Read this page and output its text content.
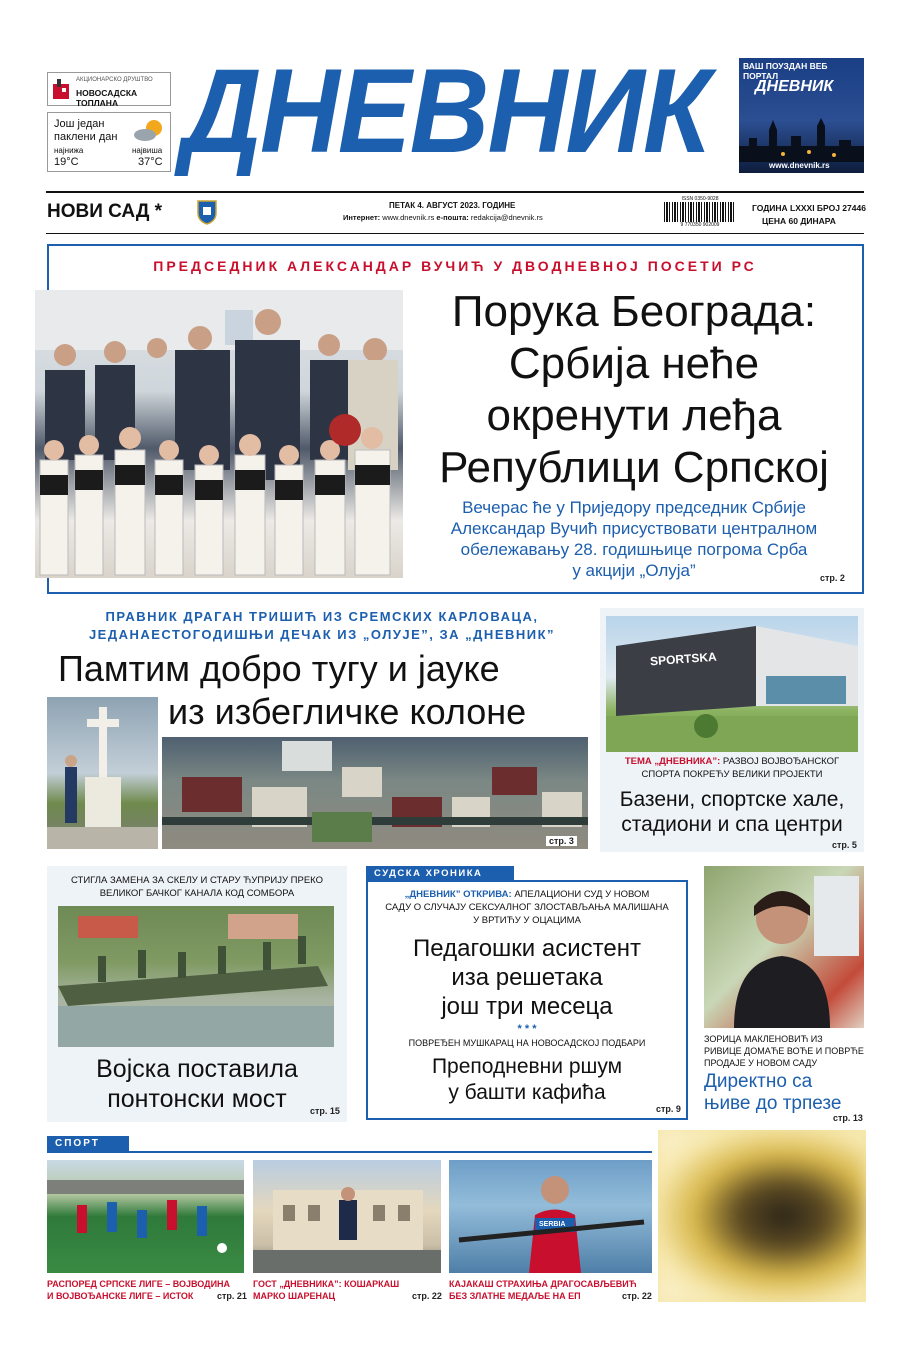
АКЦИОНАРСКО ДРУШТВО
НОВОСАДСКА ТОПЛАНА
Још један
паклени дан
најнижа	највиша
19°C	37°C ДНЕВНИК	ВАШ ПОУЗДАН ВЕБ ПОРТАЛ
ДНЕВНИК
www.dnevnik.rs
НОВИ САД *	ПЕТАК 4. АВГУСТ 2023. ГОДИНЕ
Интернет: www.dnevnik.rs е-пошта: redakcija@dnevnik.rs
ISSN 0350-9028
9 770350 902009
ГОДИНА LXXXI БРОЈ 27446
ЦЕНА 60 ДИНАРА
ПРЕДСЕДНИК АЛЕКСАНДАР ВУЧИЋ У ДВОДНЕВНОЈ ПОСЕТИ РС
Порука Београда:
Србија неће
окренути леђа
Републици Српској
Вечерас ће у Приједору председник Србије
Александар Вучић присуствовати централном
обележавању 28. годишњице погрома Срба
у акцији „Олуја”	стр. 2
ПРАВНИК ДРАГАН ТРИШИЋ ИЗ СРЕМСКИХ КАРЛОВАЦА,
ЈЕДАНАЕСТОГОДИШЊИ ДЕЧАК ИЗ „ОЛУЈЕ”, ЗА „ДНЕВНИК”
Памтим добро тугу и јауке
из избегличке колоне
стр. 3
SPORTSKA
ТЕМА „ДНЕВНИКА”: РАЗВОЈ ВОЈВОЂАНСКОГ
СПОРТА ПОКРЕЋУ ВЕЛИКИ ПРОЈЕКТИ
Базени, спортске хале,
стадиони и спа центри
стр. 5
СТИГЛА ЗАМЕНА ЗА СКЕЛУ И СТАРУ ЋУПРИЈУ ПРЕКО
ВЕЛИКОГ БАЧКОГ КАНАЛА КОД СОМБОРА
Војска поставила
понтонски мост	стр. 15
СУДСКА ХРОНИКА
„ДНЕВНИК” ОТКРИВА: АПЕЛАЦИОНИ СУД У НОВОМ
САДУ О СЛУЧАЈУ СЕКСУАЛНОГ ЗЛОСТАВЉАЊА МАЛИШАНА
У ВРТИЋУ У ОЦАЦИМА
Педагошки асистент
иза решетака
још три месеца
* * *
ПОВРЕЂЕН МУШКАРАЦ НА НОВОСАДСКОЈ ПОДБАРИ
Преподневни ршум
у башти кафића
стр. 9
ЗОРИЦА МАКЛЕНОВИЋ ИЗ
РИВИЦЕ ДОМАЋЕ ВОЋЕ И ПОВРЋЕ
ПРОДАЈЕ У НОВОМ САДУ
Директно са
њиве до трпезе
стр. 13
СПОРТ
SERBIA
РАСПОРЕД СРПСКЕ ЛИГЕ – ВОЈВОДИНА
И ВОЈВОЂАНСКЕ ЛИГЕ – ИСТОК	стр. 21
ГОСТ „ДНЕВНИКА”: КОШАРКАШ
МАРКО ШАРЕНАЦ	стр. 22
КАЈАКАШ СТРАХИЊА ДРАГОСАВЉЕВИЋ
БЕЗ ЗЛАТНЕ МЕДАЉЕ НА ЕП	стр. 22
